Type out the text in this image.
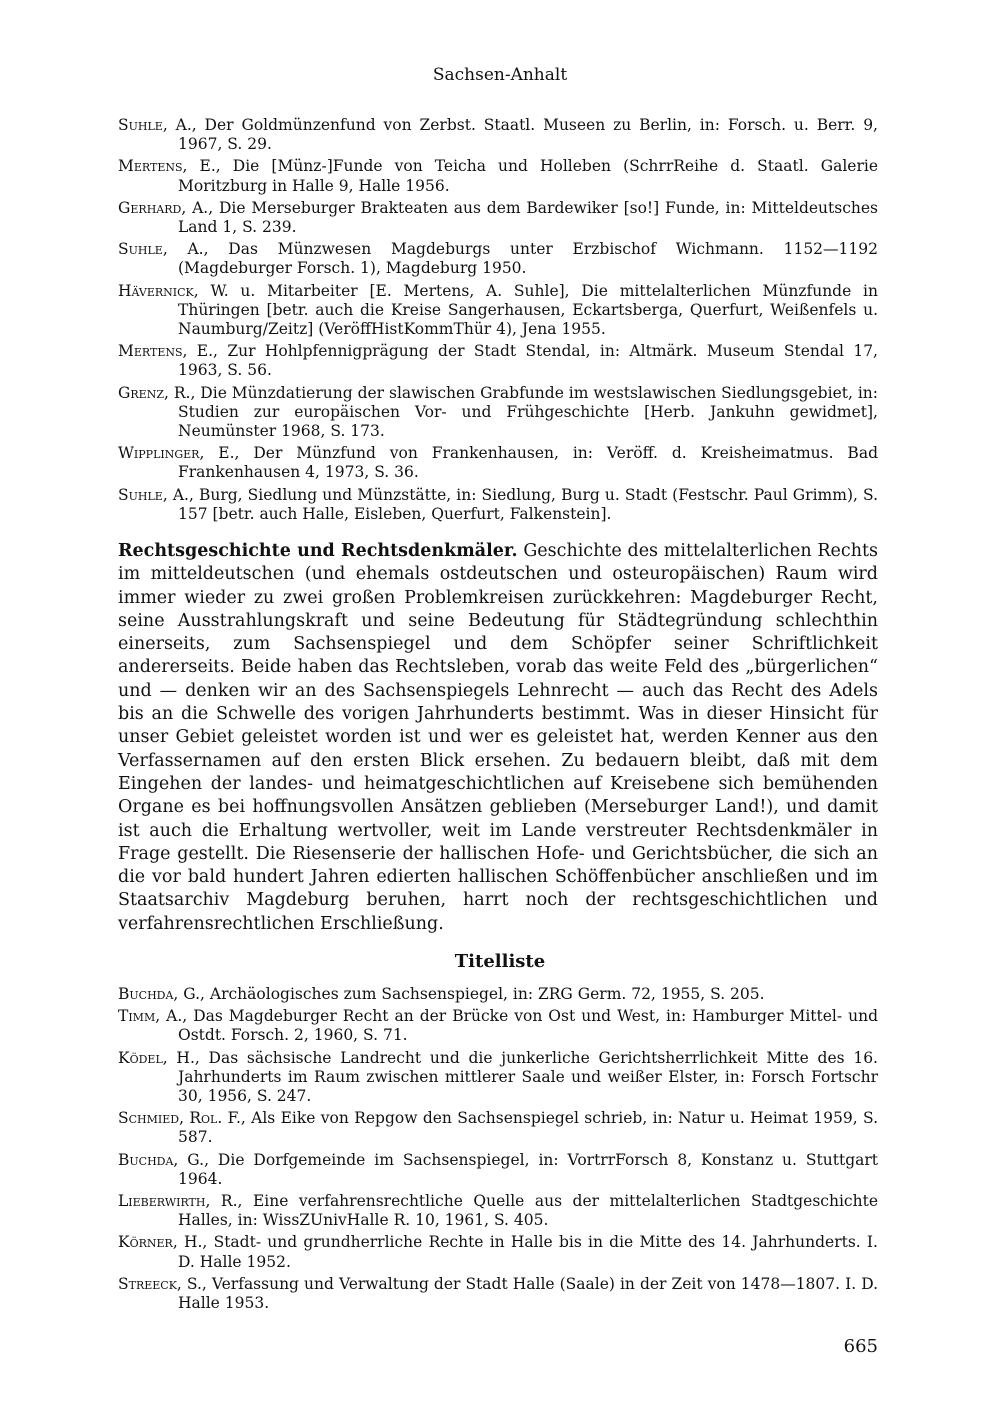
Sachsen-Anhalt

Suhle, A., Der Goldmünzenfund von Zerbst. Staatl. Museen zu Berlin, in: Forsch. u. Berr. 9, 1967, S. 29.

Mertens, E., Die [Münz-]Funde von Teicha und Holleben (SchrrReihe d. Staatl. Galerie Moritzburg in Halle 9, Halle 1956.

Gerhard, A., Die Merseburger Brakteaten aus dem Bardewiker [so!] Funde, in: Mitteldeutsches Land 1, S. 239.

Suhle, A., Das Münzwesen Magdeburgs unter Erzbischof Wichmann. 1152—1192 (Magdeburger Forsch. 1), Magdeburg 1950.

Hävernick, W. u. Mitarbeiter [E. Mertens, A. Suhle], Die mittelalterlichen Münzfunde in Thüringen [betr. auch die Kreise Sangerhausen, Eckartsberga, Querfurt, Weißenfels u. Naumburg/Zeitz] (VeröffHistKommThür 4), Jena 1955.

Mertens, E., Zur Hohlpfennigprägung der Stadt Stendal, in: Altmärk. Museum Stendal 17, 1963, S. 56.

Grenz, R., Die Münzdatierung der slawischen Grabfunde im westslawischen Siedlungsgebiet, in: Studien zur europäischen Vor- und Frühgeschichte [Herb. Jankuhn gewidmet], Neumünster 1968, S. 173.

Wipplinger, E., Der Münzfund von Frankenhausen, in: Veröff. d. Kreisheimatmus. Bad Frankenhausen 4, 1973, S. 36.

Suhle, A., Burg, Siedlung und Münzstätte, in: Siedlung, Burg u. Stadt (Festschr. Paul Grimm), S. 157 [betr. auch Halle, Eisleben, Querfurt, Falkenstein].

Rechtsgeschichte und Rechtsdenkmäler. Geschichte des mittelalterlichen Rechts im mitteldeutschen (und ehemals ostdeutschen und osteuropäischen) Raum wird immer wieder zu zwei großen Problemkreisen zurückkehren: Magdeburger Recht, seine Ausstrahlungskraft und seine Bedeutung für Städtegründung schlechthin einerseits, zum Sachsenspiegel und dem Schöpfer seiner Schriftlichkeit andererseits. Beide haben das Rechtsleben, vorab das weite Feld des „bürgerlichen“ und — denken wir an des Sachsenspiegels Lehnrecht — auch das Recht des Adels bis an die Schwelle des vorigen Jahrhunderts bestimmt. Was in dieser Hinsicht für unser Gebiet geleistet worden ist und wer es geleistet hat, werden Kenner aus den Verfassernamen auf den ersten Blick ersehen. Zu bedauern bleibt, daß mit dem Eingehen der landes- und heimatgeschichtlichen auf Kreisebene sich bemühenden Organe es bei hoffnungsvollen Ansätzen geblieben (Merseburger Land!), und damit ist auch die Erhaltung wertvoller, weit im Lande verstreuter Rechtsdenkmäler in Frage gestellt. Die Riesenserie der hallischen Hofe- und Gerichtsbücher, die sich an die vor bald hundert Jahren edierten hallischen Schöffenbücher anschließen und im Staatsarchiv Magdeburg beruhen, harrt noch der rechtsgeschichtlichen und verfahrensrechtlichen Erschließung.

Titelliste

Buchda, G., Archäologisches zum Sachsenspiegel, in: ZRG Germ. 72, 1955, S. 205.

Timm, A., Das Magdeburger Recht an der Brücke von Ost und West, in: Hamburger Mittel- und Ostdt. Forsch. 2, 1960, S. 71.

Ködel, H., Das sächsische Landrecht und die junkerliche Gerichtsherrlichkeit Mitte des 16. Jahrhunderts im Raum zwischen mittlerer Saale und weißer Elster, in: Forsch Fortschr 30, 1956, S. 247.

Schmied, Rol. F., Als Eike von Repgow den Sachsenspiegel schrieb, in: Natur u. Heimat 1959, S. 587.

Buchda, G., Die Dorfgemeinde im Sachsenspiegel, in: VortrrForsch 8, Konstanz u. Stuttgart 1964.

Lieberwirth, R., Eine verfahrensrechtliche Quelle aus der mittelalterlichen Stadtgeschichte Halles, in: WissZUnivHalle R. 10, 1961, S. 405.

Körner, H., Stadt- und grundherrliche Rechte in Halle bis in die Mitte des 14. Jahrhunderts. I. D. Halle 1952.

Streeck, S., Verfassung und Verwaltung der Stadt Halle (Saale) in der Zeit von 1478—1807. I. D. Halle 1953.

665
